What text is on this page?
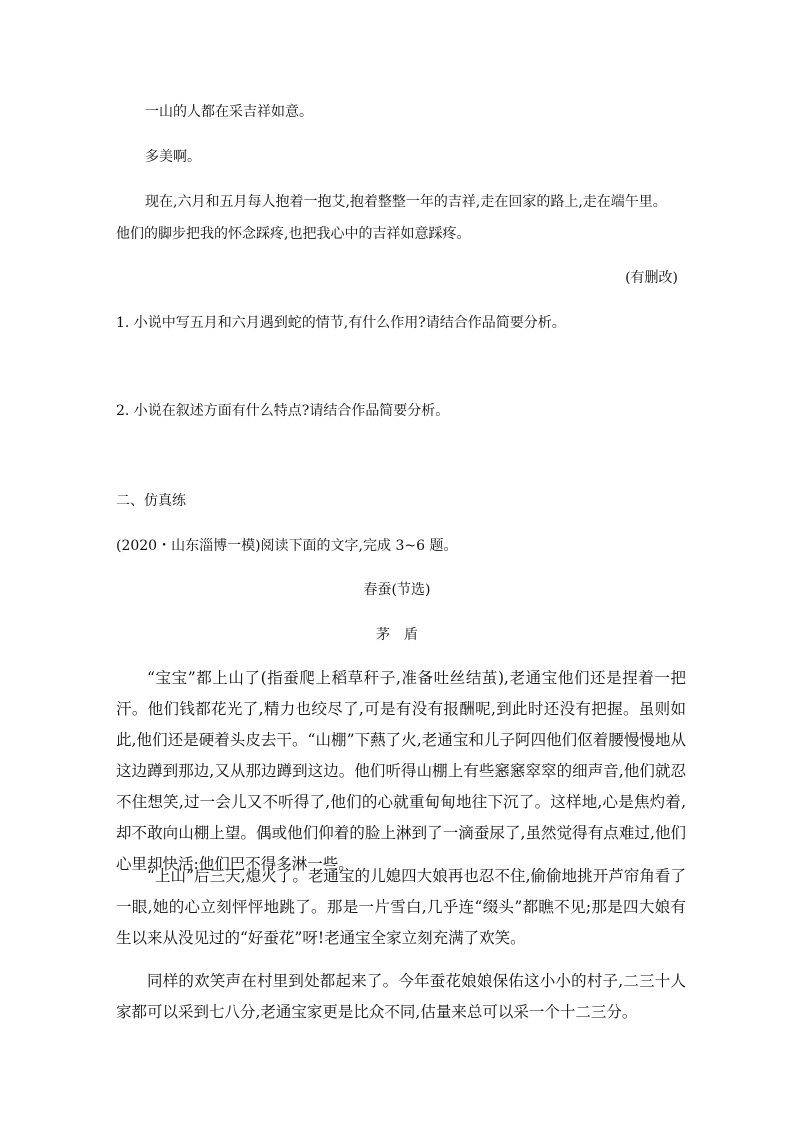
一山的人都在采吉祥如意。

多美啊。

现在,六月和五月每人抱着一抱艾,抱着整整一年的吉祥,走在回家的路上,走在端午里。

他们的脚步把我的怀念踩疼,也把我心中的吉祥如意踩疼。

(有删改)

1. 小说中写五月和六月遇到蛇的情节,有什么作用?请结合作品简要分析。

2. 小说在叙述方面有什么特点?请结合作品简要分析。

二、仿真练

(2020・山东淄博一模)阅读下面的文字,完成 3~6 题。

春蚕(节选)

茅盾

“宝宝”都上山了(指蚕爬上稻草秆子,准备吐丝结茧),老通宝他们还是捏着一把汗。他们钱都花光了,精力也绞尽了,可是有没有报酬呢,到此时还没有把握。虽则如此,他们还是硬着头皮去干。“山棚”下爇了火,老通宝和儿子阿四他们伛着腰慢慢地从这边蹲到那边,又从那边蹲到这边。他们听得山棚上有些窸窸窣窣的细声音,他们就忍不住想笑,过一会儿又不听得了,他们的心就重甸甸地往下沉了。这样地,心是焦灼着,却不敢向山棚上望。偶或他们仰着的脸上淋到了一滴蚕尿了,虽然觉得有点难过,他们心里却快活:他们巴不得多淋一些。

“上山”后三天,熄火了。老通宝的儿媳四大娘再也忍不住,偷偷地挑开芦帘角看了一眼,她的心立刻怦怦地跳了。那是一片雪白,几乎连“缀头”都瞧不见;那是四大娘有生以来从没见过的“好蚕花”呀!老通宝全家立刻充满了欢笑。

同样的欢笑声在村里到处都起来了。今年蚕花娘娘保佑这小小的村子,二三十人家都可以采到七八分,老通宝家更是比众不同,估量来总可以采一个十二三分。
